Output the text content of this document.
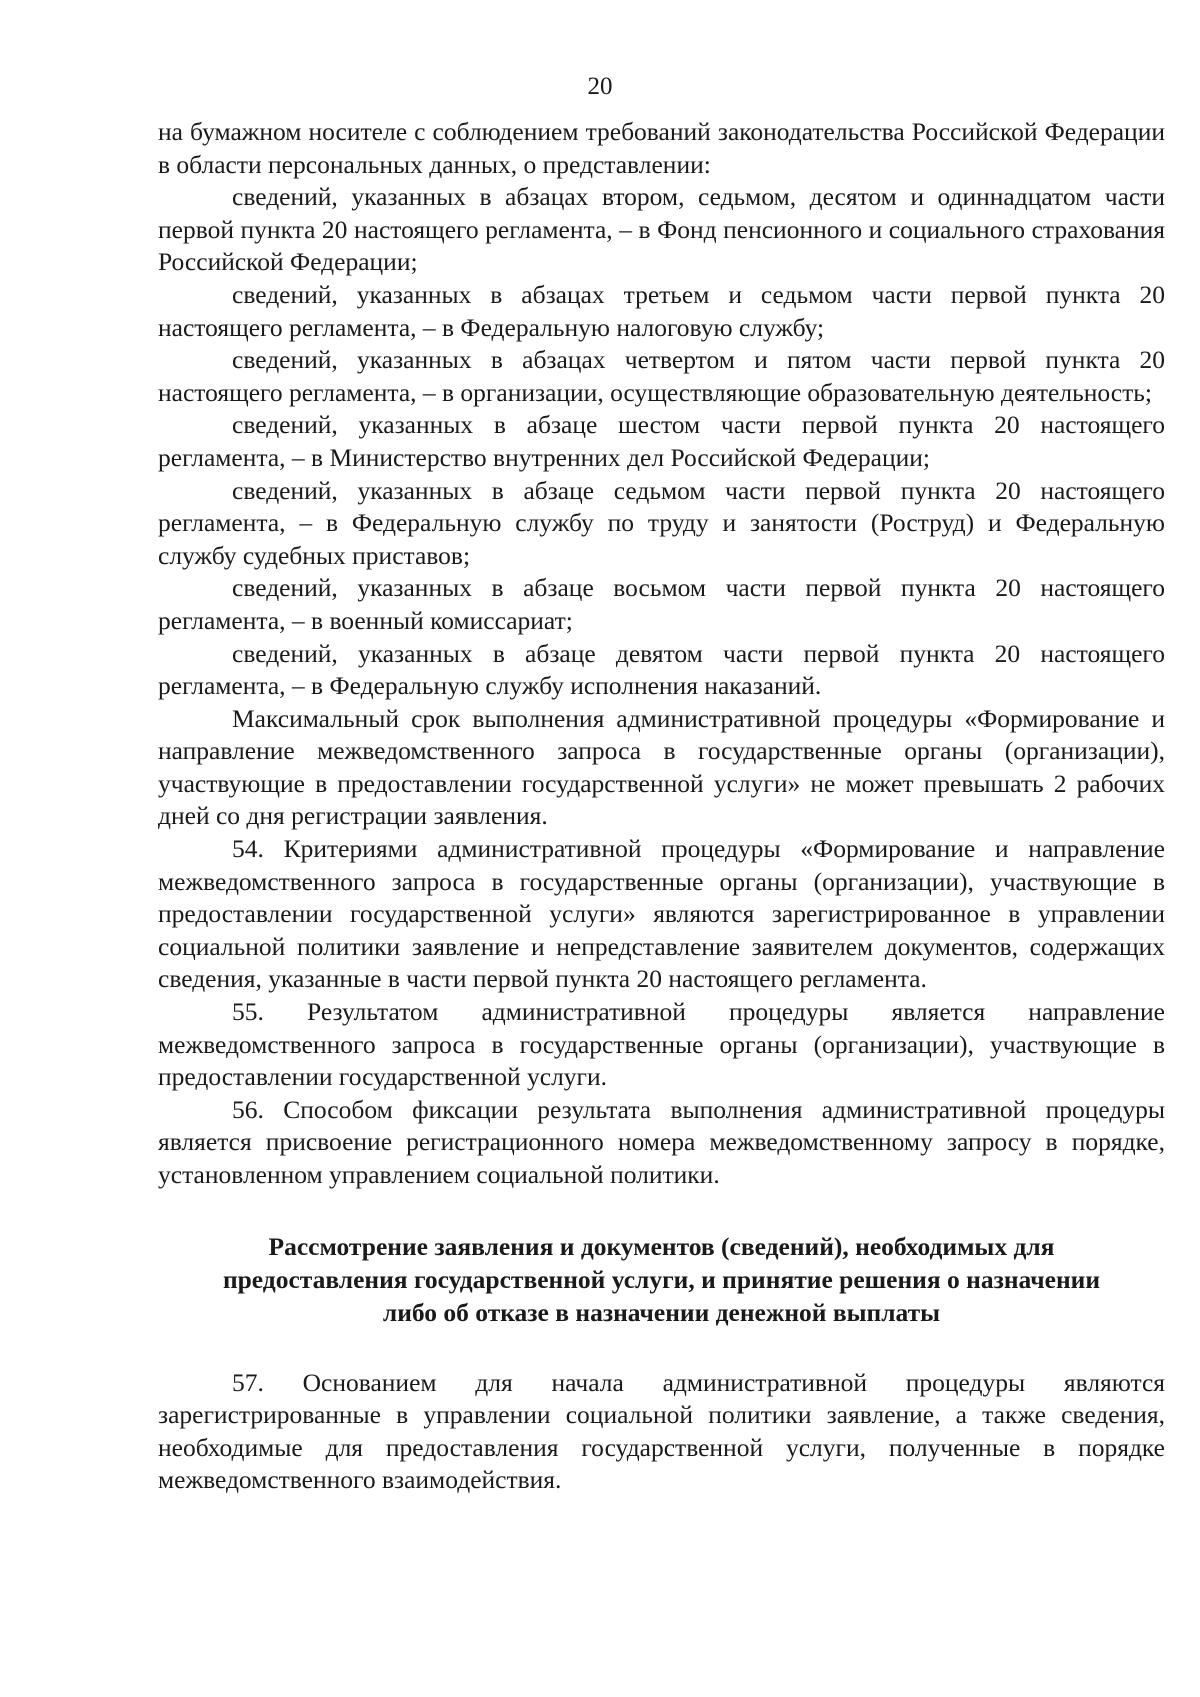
20

на бумажном носителе с соблюдением требований законодательства Российской Федерации в области персональных данных, о представлении:

сведений, указанных в абзацах втором, седьмом, десятом и одиннадцатом части первой пункта 20 настоящего регламента, – в Фонд пенсионного и социального страхования Российской Федерации;

сведений, указанных в абзацах третьем и седьмом части первой пункта 20 настоящего регламента, – в Федеральную налоговую службу;

сведений, указанных в абзацах четвертом и пятом части первой пункта 20 настоящего регламента, – в организации, осуществляющие образовательную деятельность;

сведений, указанных в абзаце шестом части первой пункта 20 настоящего регламента, – в Министерство внутренних дел Российской Федерации;

сведений, указанных в абзаце седьмом части первой пункта 20 настоящего регламента, – в Федеральную службу по труду и занятости (Роструд) и Федеральную службу судебных приставов;

сведений, указанных в абзаце восьмом части первой пункта 20 настоящего регламента, – в военный комиссариат;

сведений, указанных в абзаце девятом части первой пункта 20 настоящего регламента, – в Федеральную службу исполнения наказаний.

Максимальный срок выполнения административной процедуры «Формирование и направление межведомственного запроса в государственные органы (организации), участвующие в предоставлении государственной услуги» не может превышать 2 рабочих дней со дня регистрации заявления.

54. Критериями административной процедуры «Формирование и направление межведомственного запроса в государственные органы (организации), участвующие в предоставлении государственной услуги» являются зарегистрированное в управлении социальной политики заявление и непредставление заявителем документов, содержащих сведения, указанные в части первой пункта 20 настоящего регламента.

55. Результатом административной процедуры является направление межведомственного запроса в государственные органы (организации), участвующие в предоставлении государственной услуги.

56. Способом фиксации результата выполнения административной процедуры является присвоение регистрационного номера межведомственному запросу в порядке, установленном управлением социальной политики.

Рассмотрение заявления и документов (сведений), необходимых для
предоставления государственной услуги, и принятие решения о назначении
либо об отказе в назначении денежной выплаты

57. Основанием для начала административной процедуры являются зарегистрированные в управлении социальной политики заявление, а также сведения, необходимые для предоставления государственной услуги, полученные в порядке межведомственного взаимодействия.
